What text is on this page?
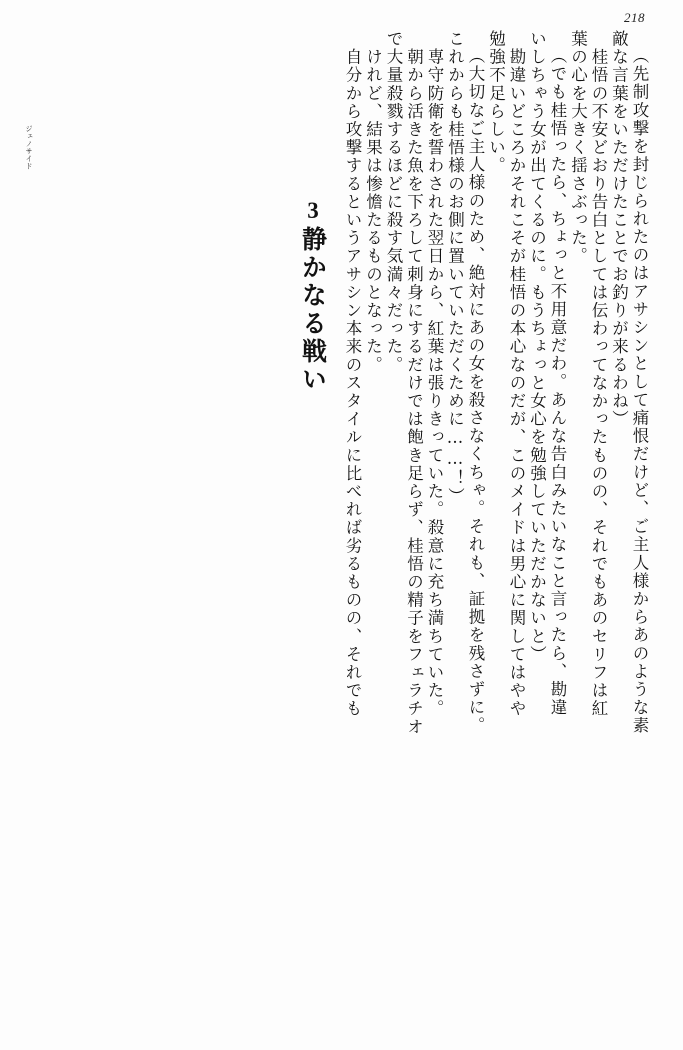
218
（先制攻撃を封じられたのはアサシンとして痛恨だけど、ご主人様からあのような素
敵な言葉をいただけたことでお釣りが来るわね）
　桂悟の不安どおり告白としては伝わってなかったものの、それでもあのセリフは紅
葉の心を大きく揺さぶった。
（でも桂悟ったら、ちょっと不用意だわ。あんな告白みたいなこと言ったら、勘違
いしちゃう女が出てくるのに。もうちょっと女心を勉強していただかないと）
　勘違いどころかそれこそが桂悟の本心なのだが、このメイドは男心に関してはやや
勉強不足らしい。
（大切なご主人様のため、絶対にあの女を殺さなくちゃ。それも、証拠を残さずに。
これからも桂悟様のお側に置いていただくために……！）
　専守防衛を誓わされた翌日から、紅葉は張りきっていた。殺意に充ち満ちていた。
　朝から活きた魚を下ろして刺身にするだけでは飽き足らず、桂悟の精子をフェラチオ
で大量殺戮するほどに殺す気満々だった。
ジェノサイド	　けれど、結果は惨憺たるものとなった。
　自分から攻撃するというアサシン本来のスタイルに比べれば劣るものの、それでも
3静かなる戦い
